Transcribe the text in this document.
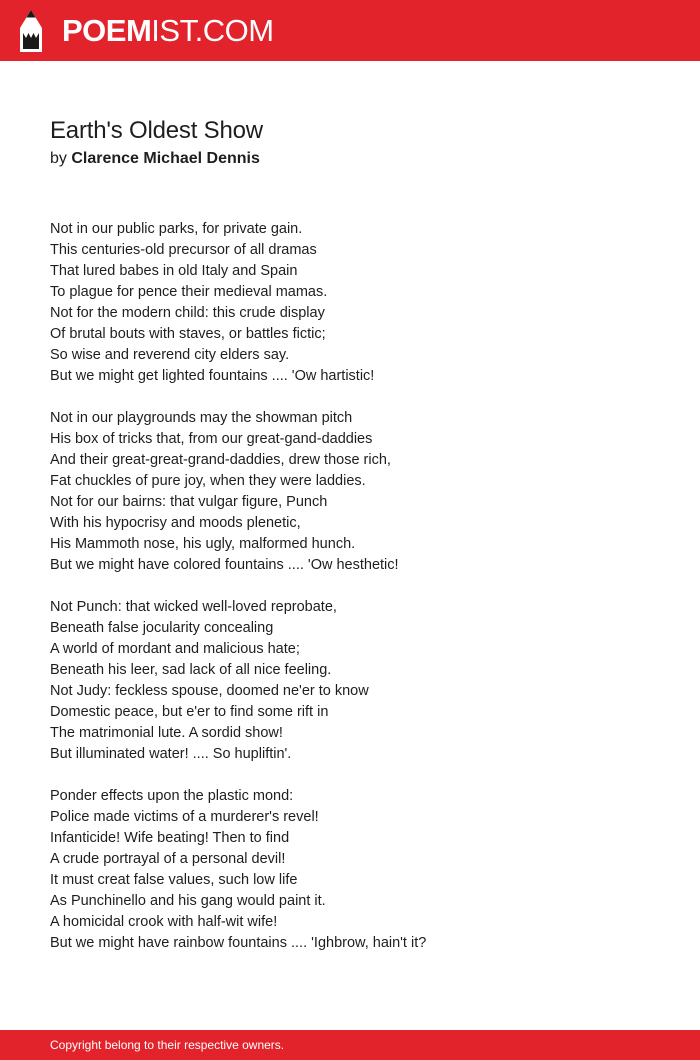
POEMIST.COM
Earth's Oldest Show
by Clarence Michael Dennis
Not in our public parks, for private gain.
This centuries-old precursor of all dramas
That lured babes in old Italy and Spain
To plague for pence their medieval mamas.
Not for the modern child: this crude display
Of brutal bouts with staves, or battles fictic;
So wise and reverend city elders say.
But we might get lighted fountains .... 'Ow hartistic!
Not in our playgrounds may the showman pitch
His box of tricks that, from our great-gand-daddies
And their great-great-grand-daddies, drew those rich,
Fat chuckles of pure joy, when they were laddies.
Not for our bairns: that vulgar figure, Punch
With his hypocrisy and moods plenetic,
His Mammoth nose, his ugly, malformed hunch.
But we might have colored fountains .... 'Ow hesthetic!
Not Punch: that wicked well-loved reprobate,
Beneath false jocularity concealing
A world of mordant and malicious hate;
Beneath his leer, sad lack of all nice feeling.
Not Judy: feckless spouse, doomed ne'er to know
Domestic peace, but e'er to find some rift in
The matrimonial lute. A sordid show!
But illuminated water! .... So hupliftin'.
Ponder effects upon the plastic mond:
Police made victims of a murderer's revel!
Infanticide! Wife beating! Then to find
A crude portrayal of a personal devil!
It must creat false values, such low life
As Punchinello and his gang would paint it.
A homicidal crook with half-wit wife!
But we might have rainbow fountains .... 'Ighbrow, hain't it?
Copyright belong to their respective owners.
